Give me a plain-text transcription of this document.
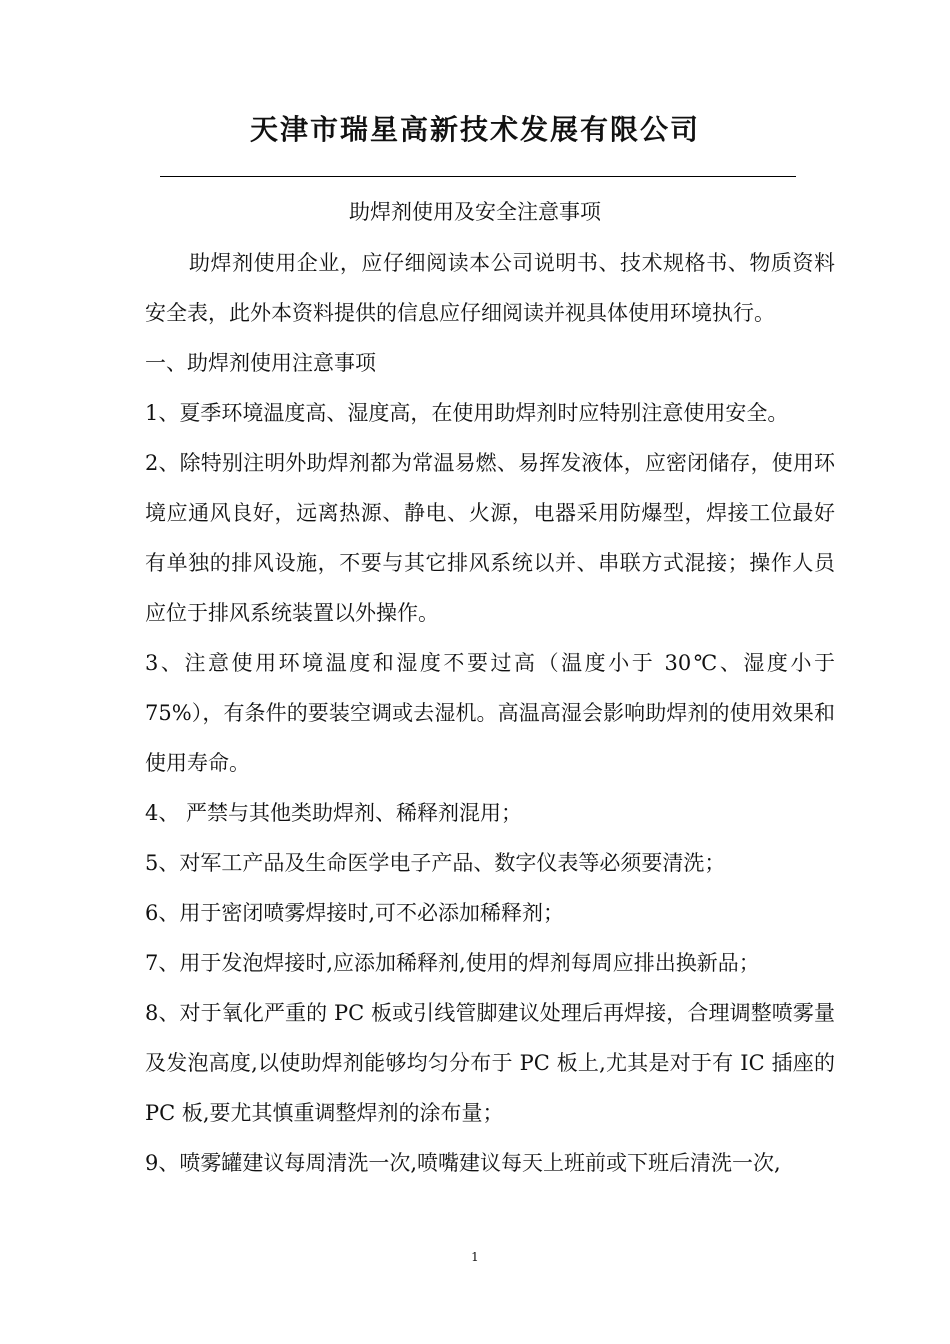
天津市瑞星高新技术发展有限公司
助焊剂使用及安全注意事项

助焊剂使用企业，应仔细阅读本公司说明书、技术规格书、物质资料安全表，此外本资料提供的信息应仔细阅读并视具体使用环境执行。

一、助焊剂使用注意事项

1、夏季环境温度高、湿度高，在使用助焊剂时应特别注意使用安全。

2、除特别注明外助焊剂都为常温易燃、易挥发液体，应密闭储存，使用环境应通风良好，远离热源、静电、火源，电器采用防爆型，焊接工位最好有单独的排风设施，不要与其它排风系统以并、串联方式混接；操作人员应位于排风系统装置以外操作。

3、注意使用环境温度和湿度不要过高（温度小于 30℃、湿度小于 75%），有条件的要装空调或去湿机。高温高湿会影响助焊剂的使用效果和使用寿命。

4、 严禁与其他类助焊剂、稀释剂混用；

5、对军工产品及生命医学电子产品、数字仪表等必须要清洗；

6、用于密闭喷雾焊接时,可不必添加稀释剂；

7、用于发泡焊接时,应添加稀释剂,使用的焊剂每周应排出换新品；

8、对于氧化严重的 PC 板或引线管脚建议处理后再焊接，合理调整喷雾量及发泡高度,以使助焊剂能够均匀分布于 PC 板上,尤其是对于有 IC 插座的 PC 板,要尤其慎重调整焊剂的涂布量；

9、喷雾罐建议每周清洗一次,喷嘴建议每天上班前或下班后清洗一次,

1
